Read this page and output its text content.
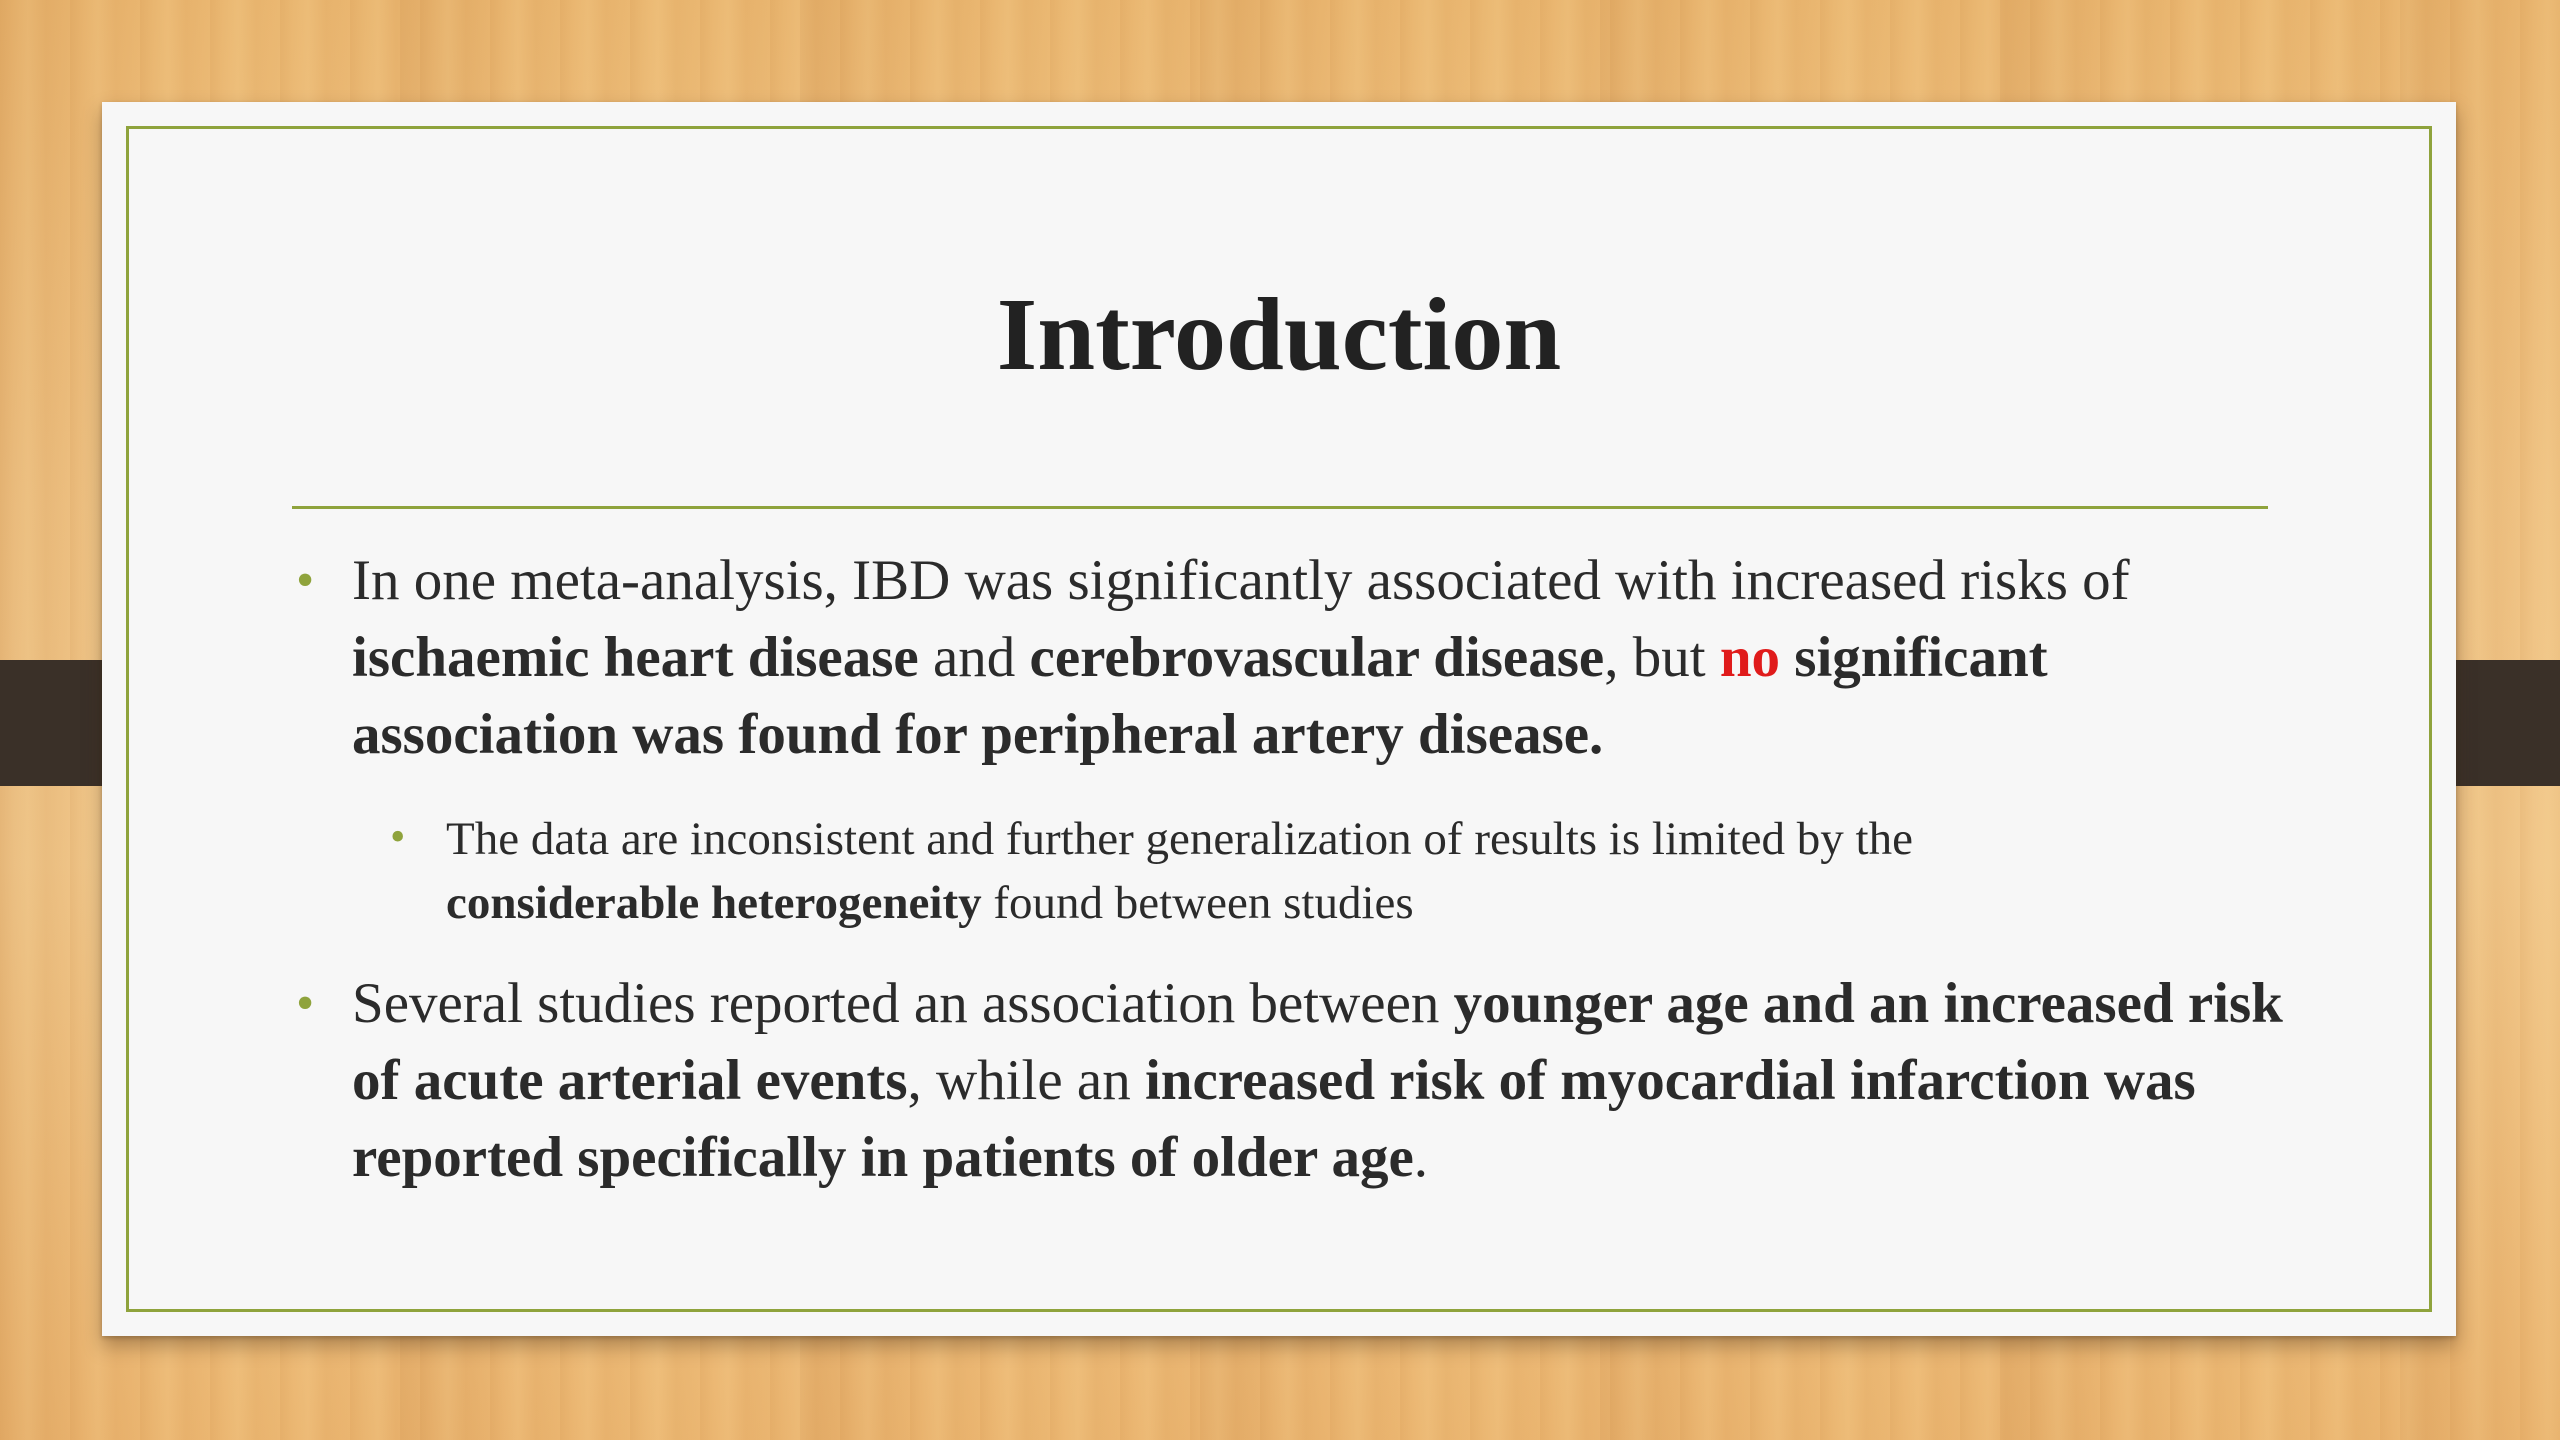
Introduction
• In one meta-analysis, IBD was significantly associated with increased risks of ischaemic heart disease and cerebrovascular disease, but no significant association was found for peripheral artery disease.
• The data are inconsistent and further generalization of results is limited by the considerable heterogeneity found between studies
• Several studies reported an association between younger age and an increased risk of acute arterial events, while an increased risk of myocardial infarction was reported specifically in patients of older age.
